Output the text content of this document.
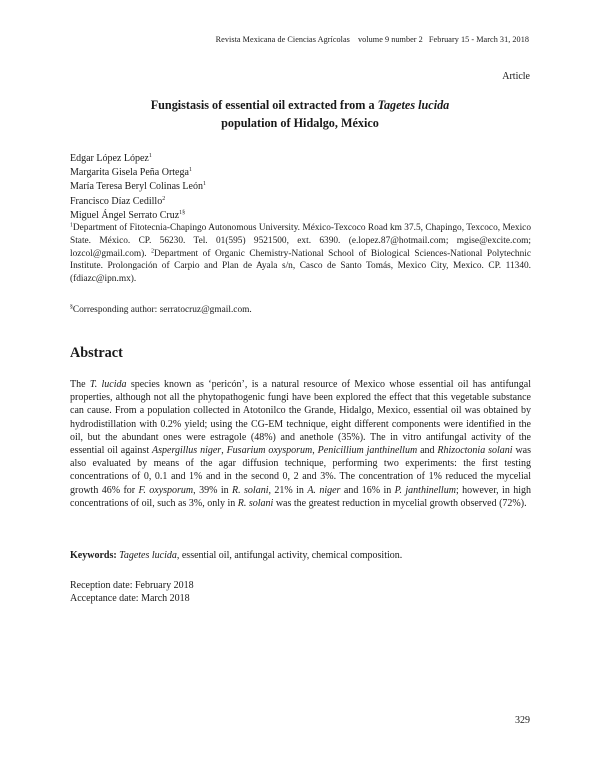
Revista Mexicana de Ciencias Agrícolas volume 9 number 2 February 15 - March 31, 2018
Article
Fungistasis of essential oil extracted from a Tagetes lucida
population of Hidalgo, México
Edgar López López$^1$
Margarita Gisela Peña Ortega$^1$
María Teresa Beryl Colinas León$^1$
Francisco Díaz Cedillo$^2$
Miguel Ángel Serrato Cruz$^{1\S}$
$^1$Department of Fitotecnia-Chapingo Autonomous University. México-Texcoco Road km 37.5, Chapingo, Texcoco, Mexico State. México. CP. 56230. Tel. 01(595) 9521500, ext. 6390. (e.lopez.87@hotmail.com; mgise@excite.com; lozcol@gmail.com). $^2$Department of Organic Chemistry-National School of Biological Sciences-National Polytechnic Institute. Prolongación of Carpio and Plan de Ayala s/n, Casco de Santo Tomás, Mexico City, Mexico. CP. 11340. (fdiazc@ipn.mx).
§Corresponding author: serratocruz@gmail.com.
Abstract

The T. lucida species known as ‘pericón’, is a natural resource of Mexico whose essential oil has antifungal properties, although not all the phytopathogenic fungi have been explored the effect that this vegetable substance can cause. From a population collected in Atotonilco the Grande, Hidalgo, Mexico, essential oil was obtained by hydrodistillation with 0.2% yield; using the CG-EM technique, eight different components were identified in the oil, but the abundant ones were estragole (48%) and anethole (35%). The in vitro antifungal activity of the essential oil against Aspergillus niger, Fusarium oxysporum, Penicillium janthinellum and Rhizoctonia solani was also evaluated by means of the agar diffusion technique, performing two experiments: the first testing concentrations of 0, 0.1 and 1% and in the second 0, 2 and 3%. The concentration of 1% reduced the mycelial growth 46% for F. oxysporum, 39% in R. solani, 21% in A. niger and 16% in P. janthinellum; however, in high concentrations of oil, such as 3%, only in R. solani was the greatest reduction in mycelial growth observed (72%).

Keywords: Tagetes lucida, essential oil, antifungal activity, chemical composition.
Reception date: February 2018
Acceptance date: March 2018
329
